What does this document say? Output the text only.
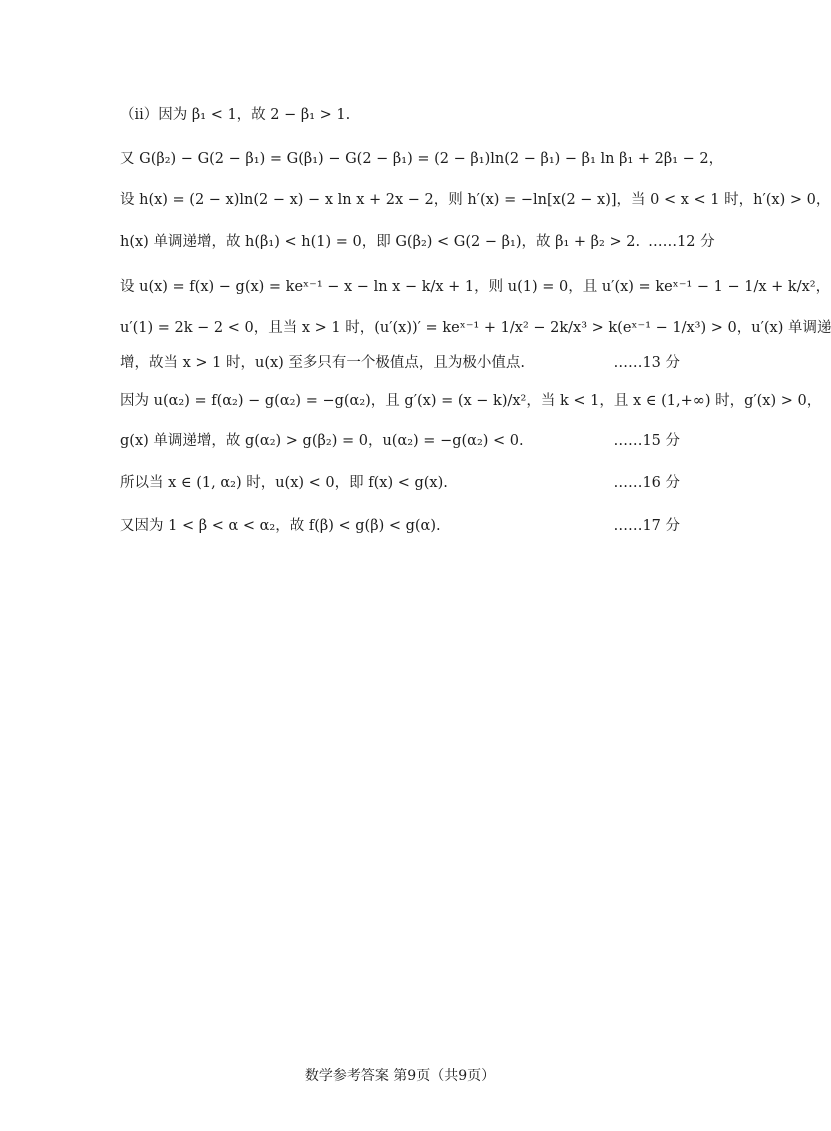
（ii）因为 β₁ < 1，故 2 − β₁ > 1.
又 G(β₂) − G(2 − β₁) = G(β₁) − G(2 − β₁) = (2 − β₁)ln(2 − β₁) − β₁ ln β₁ + 2β₁ − 2，
设 h(x) = (2 − x)ln(2 − x) − x ln x + 2x − 2，则 h′(x) = −ln[x(2 − x)]，当 0 < x < 1 时，h′(x) > 0，
h(x) 单调递增，故 h(β₁) < h(1) = 0，即 G(β₂) < G(2 − β₁)，故 β₁ + β₂ > 2. ……12 分
设 u(x) = f(x) − g(x) = keˣ⁻¹ − x − ln x − k/x + 1，则 u(1) = 0，且 u′(x) = keˣ⁻¹ − 1 − 1/x + k/x²，
u′(1) = 2k − 2 < 0，且当 x > 1 时，(u′(x))′ = keˣ⁻¹ + 1/x² − 2k/x³ > k(eˣ⁻¹ − 1/x³) > 0，u′(x) 单调递
增，故当 x > 1 时，u(x) 至多只有一个极值点，且为极小值点.	……13 分
因为 u(α₂) = f(α₂) − g(α₂) = −g(α₂)，且 g′(x) = (x − k)/x²，当 k < 1，且 x ∈ (1,+∞) 时，g′(x) > 0，
g(x) 单调递增，故 g(α₂) > g(β₂) = 0，u(α₂) = −g(α₂) < 0.	……15 分
所以当 x ∈ (1, α₂) 时，u(x) < 0，即 f(x) < g(x).	……16 分
又因为 1 < β < α < α₂，故 f(β) < g(β) < g(α).	……17 分
数学参考答案 第9页（共9页）
